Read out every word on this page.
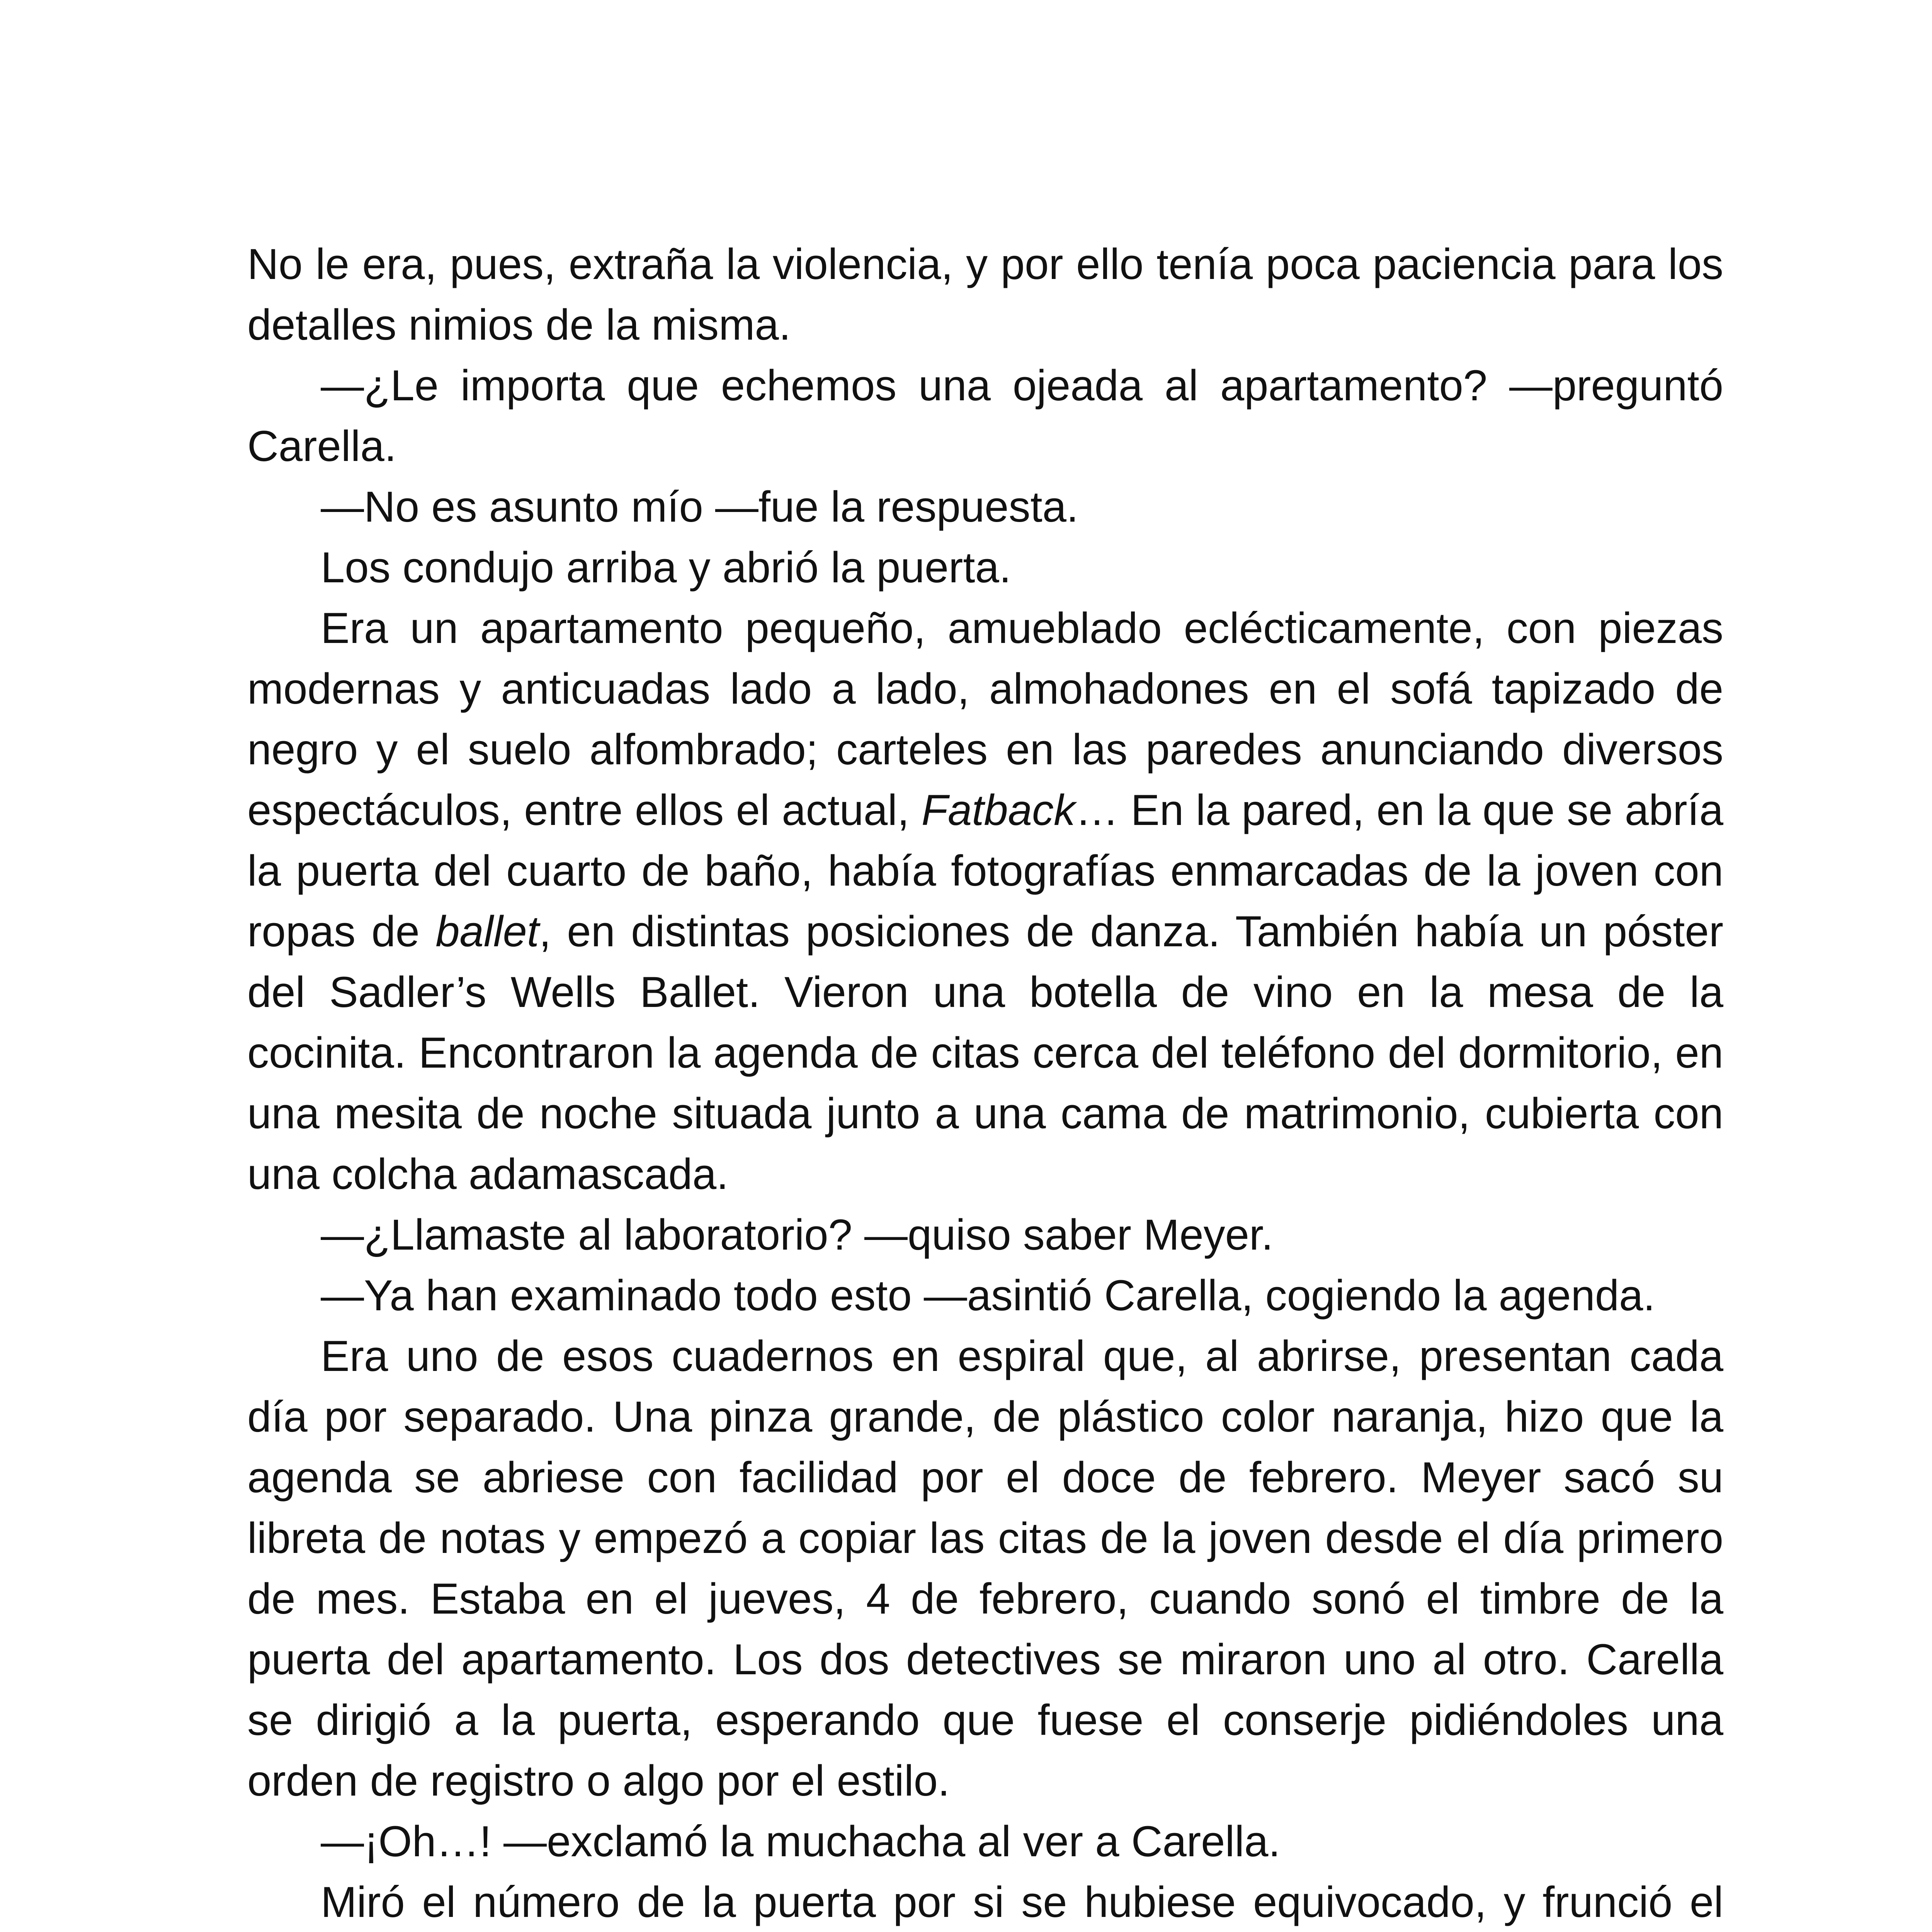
No le era, pues, extraña la violencia, y por ello tenía poca paciencia para los detalles nimios de la misma.

—¿Le importa que echemos una ojeada al apartamento? —preguntó Carella.

—No es asunto mío —fue la respuesta.

Los condujo arriba y abrió la puerta.

Era un apartamento pequeño, amueblado eclécticamente, con piezas modernas y anticuadas lado a lado, almohadones en el sofá tapizado de negro y el suelo alfombrado; carteles en las paredes anunciando diversos espectáculos, entre ellos el actual, Fatback… En la pared, en la que se abría la puerta del cuarto de baño, había fotografías enmarcadas de la joven con ropas de ballet, en distintas posiciones de danza. También había un póster del Sadler’s Wells Ballet. Vieron una botella de vino en la mesa de la cocinita. Encontraron la agenda de citas cerca del teléfono del dormitorio, en una mesita de noche situada junto a una cama de matrimonio, cubierta con una colcha adamascada.

—¿Llamaste al laboratorio? —quiso saber Meyer.

—Ya han examinado todo esto —asintió Carella, cogiendo la agenda.

Era uno de esos cuadernos en espiral que, al abrirse, presentan cada día por separado. Una pinza grande, de plástico color naranja, hizo que la agenda se abriese con facilidad por el doce de febrero. Meyer sacó su libreta de notas y empezó a copiar las citas de la joven desde el día primero de mes. Estaba en el jueves, 4 de febrero, cuando sonó el timbre de la puerta del apartamento. Los dos detectives se miraron uno al otro. Carella se dirigió a la puerta, esperando que fuese el conserje pidiéndoles una orden de registro o algo por el estilo.

—¡Oh…! —exclamó la muchacha al ver a Carella.

Miró el número de la puerta por si se hubiese equivocado, y frunció el
